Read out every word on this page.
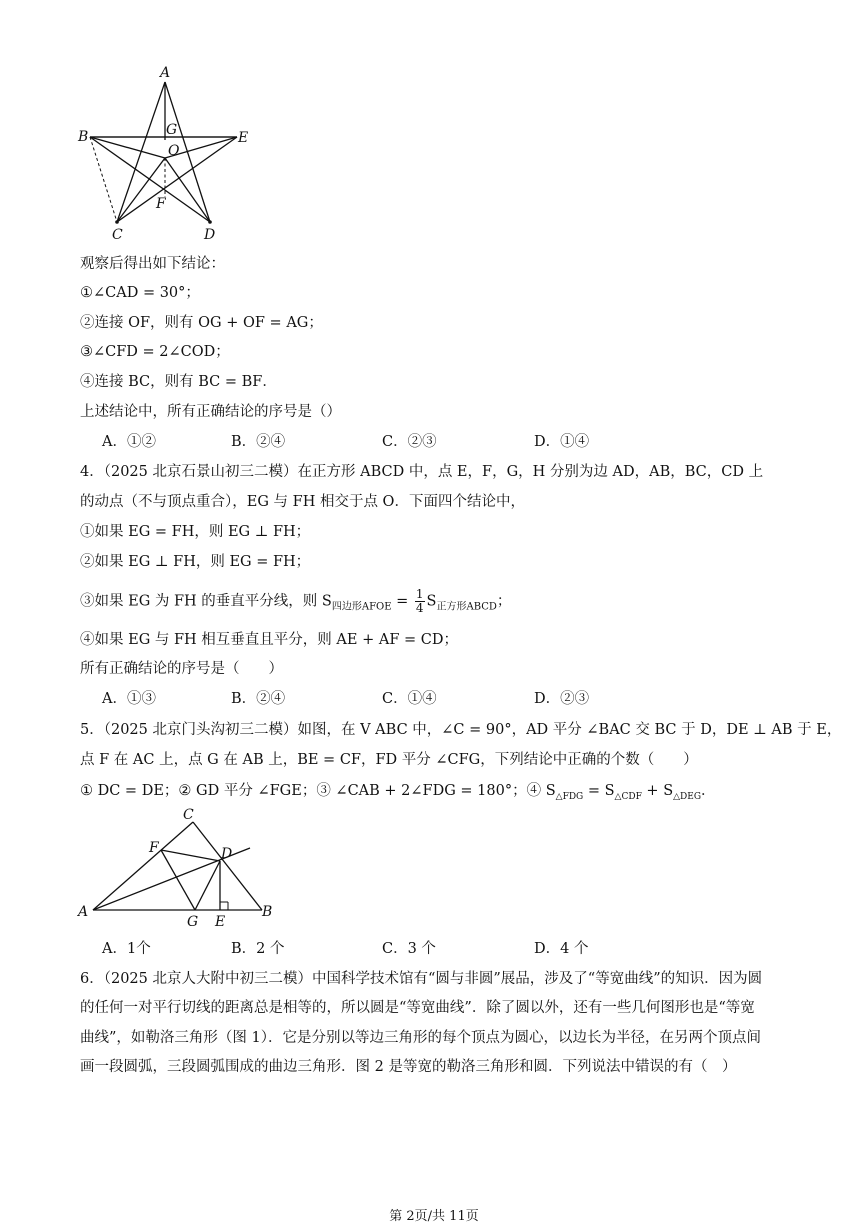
A
B	E
G
O
F
C	D
观察后得出如下结论：
①∠CAD = 30°；
②连接 OF，则有 OG + OF = AG；
③∠CFD = 2∠COD；
④连接 BC，则有 BC = BF．
上述结论中，所有正确结论的序号是（）
A．①②	B．②④	C．②③	D．①④
4．（2025 北京石景山初三二模）在正方形 ABCD 中，点 E，F，G，H 分别为边 AD，AB，BC，CD 上
的动点（不与顶点重合），EG 与 FH 相交于点 O．下面四个结论中，
①如果 EG = FH，则 EG ⊥ FH；
②如果 EG ⊥ FH，则 EG = FH；
③如果 EG 为 FH 的垂直平分线，则 $S_{四边形AFOE} = \frac{1}{4} S_{正方形ABCD}$；
④如果 EG 与 FH 相互垂直且平分，则 AE + AF = CD；
所有正确结论的序号是（　　）
A．①③	B．②④	C．①④	D．②③
5．（2025 北京门头沟初三二模）如图，在 V ABC 中，∠C = 90°，AD 平分 ∠BAC 交 BC 于 D，DE ⊥ AB 于 E，
点 F 在 AC 上，点 G 在 AB 上，BE = CF，FD 平分 ∠CFG，下列结论中正确的个数（　　）
① DC = DE；② GD 平分 ∠FGE；③ ∠CAB + 2∠FDG = 180°；④ $S_{\triangle FDG} = S_{\triangle CDF} + S_{\triangle DEG}$．
A	B
C
D
E
F
G
A．1个	B．2 个	C．3 个	D．4 个
6．（2025 北京人大附中初三二模）中国科学技术馆有“圆与非圆”展品，涉及了“等宽曲线”的知识．因为圆
的任何一对平行切线的距离总是相等的，所以圆是“等宽曲线”．除了圆以外，还有一些几何图形也是“等宽
曲线”，如勒洛三角形（图 1）．它是分别以等边三角形的每个顶点为圆心，以边长为半径，在另两个顶点间
画一段圆弧，三段圆弧围成的曲边三角形．图 2 是等宽的勒洛三角形和圆．下列说法中错误的有（　）
第 2页/共 11页
